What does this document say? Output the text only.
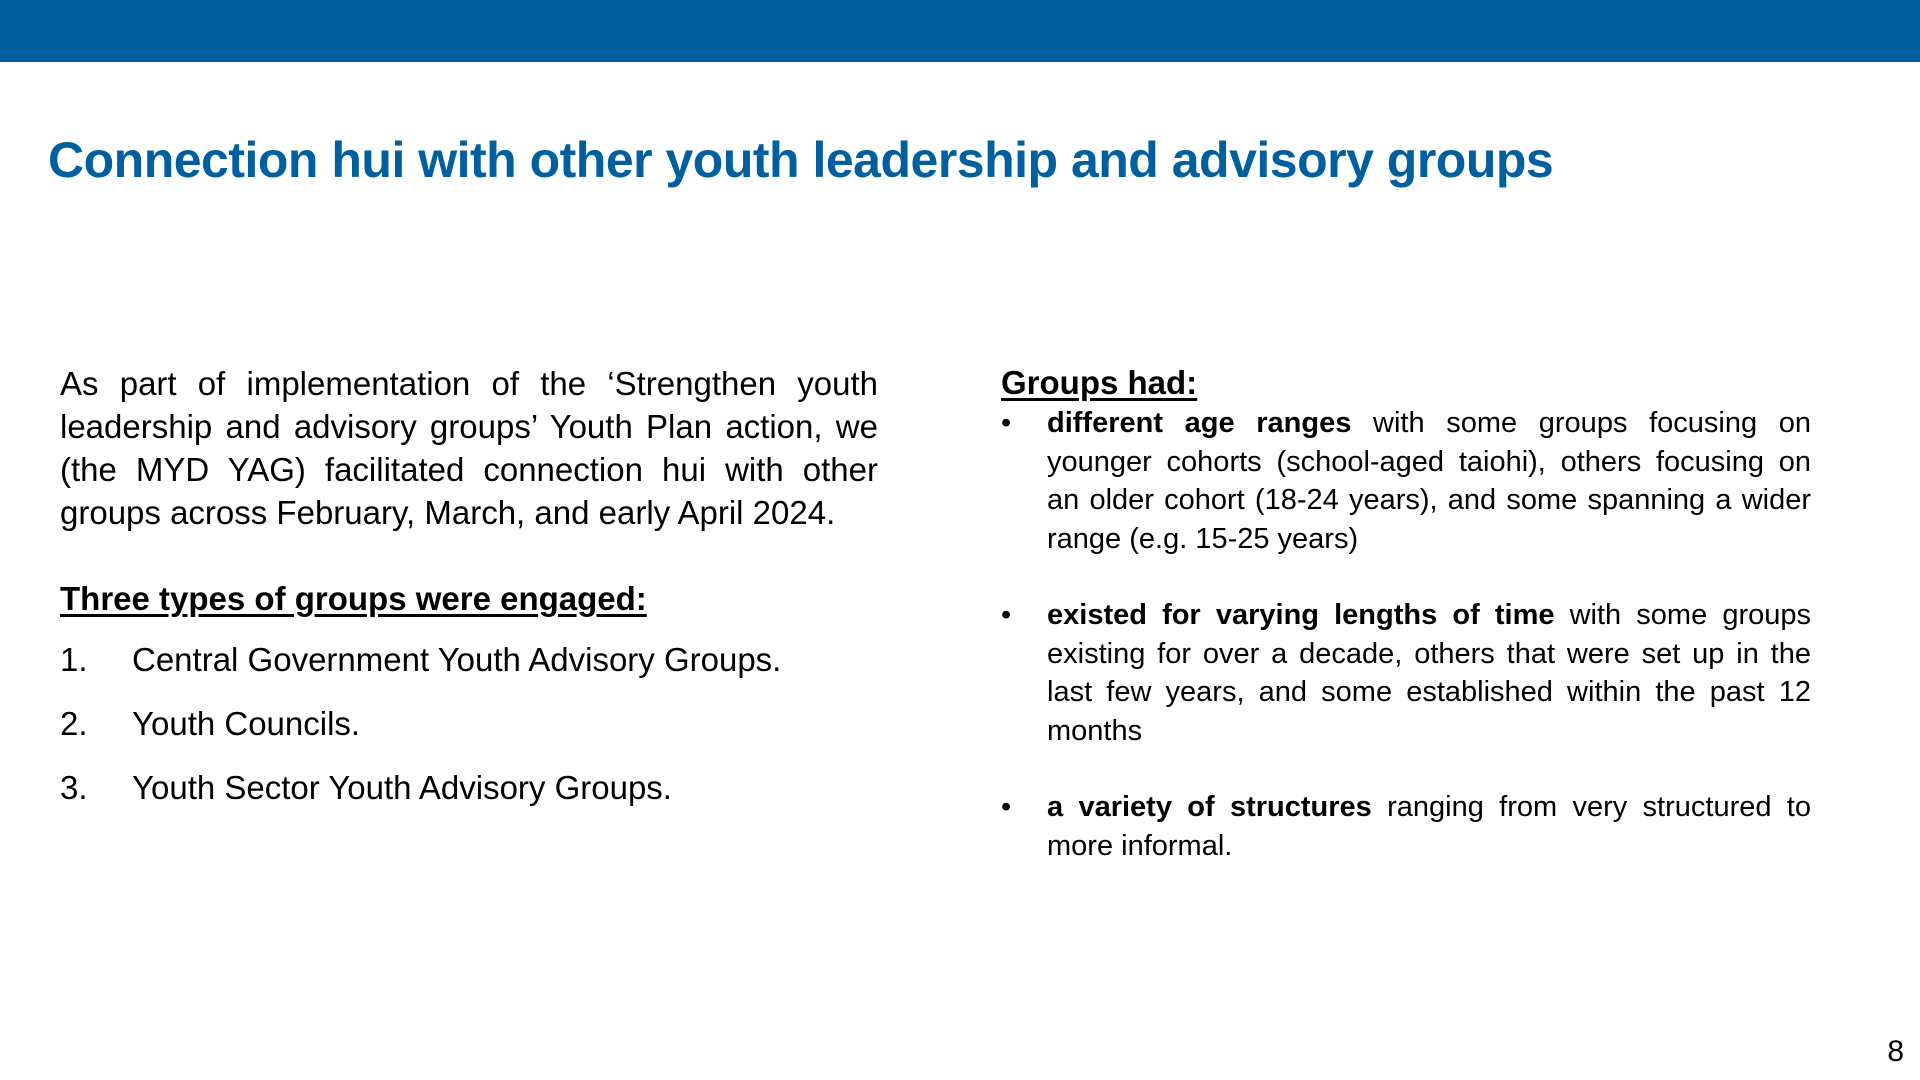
Connection hui with other youth leadership and advisory groups

As part of implementation of the ‘Strengthen youth leadership and advisory groups’ Youth Plan action, we (the MYD YAG) facilitated connection hui with other groups across February, March, and early April 2024.

Three types of groups were engaged:

1. Central Government Youth Advisory Groups.
2. Youth Councils.
3. Youth Sector Youth Advisory Groups.

Groups had:

•	different age ranges with some groups focusing on younger cohorts (school-aged taiohi), others focusing on an older cohort (18-24 years), and some spanning a wider range (e.g. 15-25 years)
•	existed for varying lengths of time with some groups existing for over a decade, others that were set up in the last few years, and some established within the past 12 months
•	a variety of structures ranging from very structured to more informal.
8
